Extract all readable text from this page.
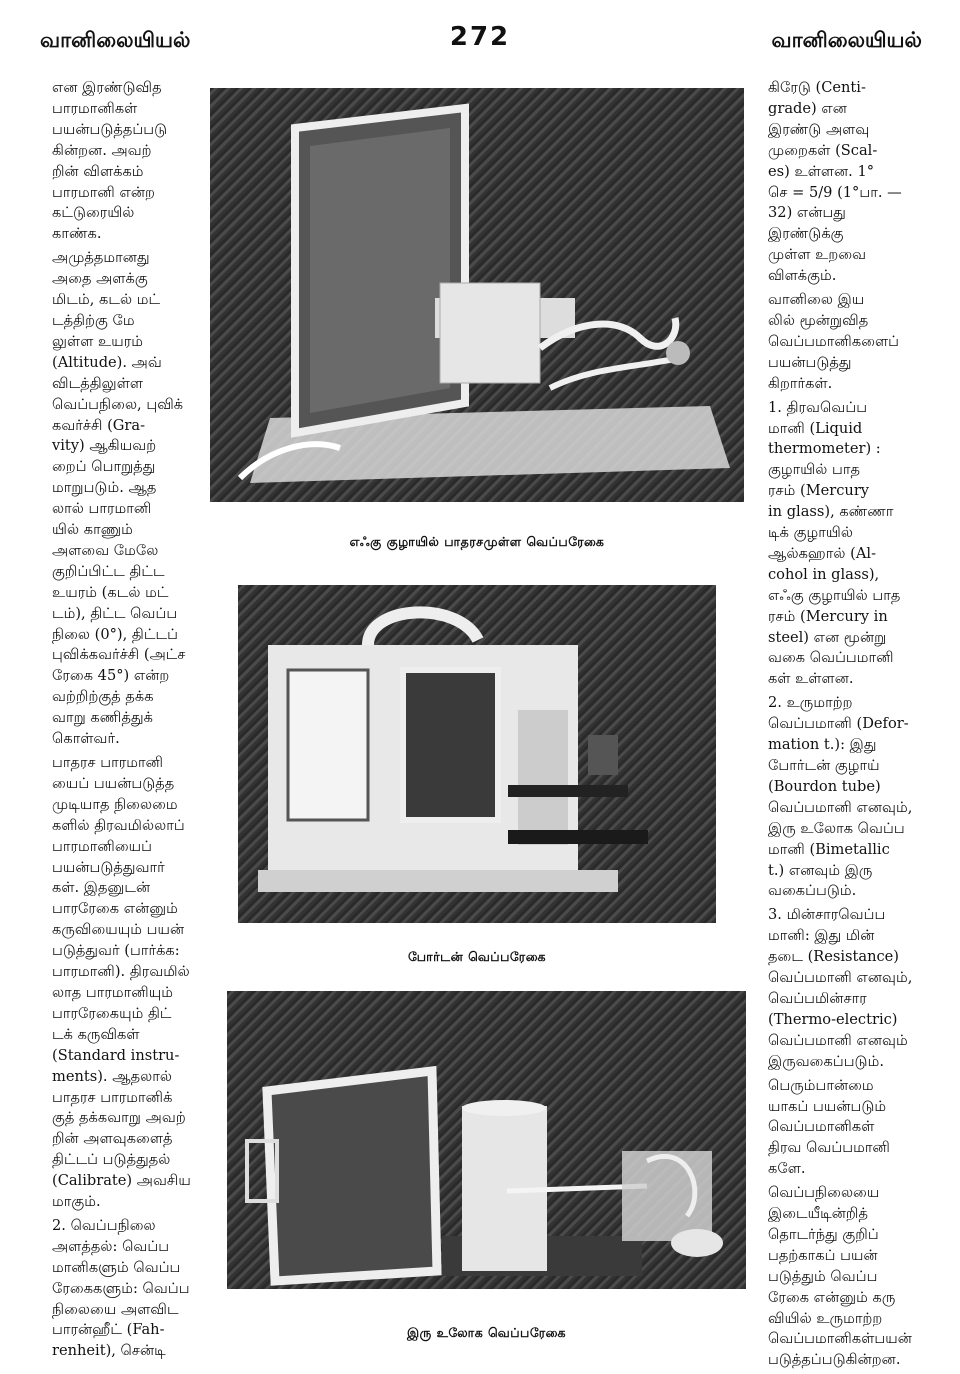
வானிலையியல்	272	வானிலையியல்

என இரண்டுவித
பாரமானிகள்
பயன்படுத்தப்படு
கின்றன. அவற்
றின் விளக்கம்
பாரமானி என்ற
கட்டுரையில்
காண்க.

அமுத்தமானது
அதை அளக்கு
மிடம், கடல் மட்
டத்திற்கு மே
லுள்ள உயரம்
(Altitude). அவ்
விடத்திலுள்ள
வெப்பநிலை, புவிக்
கவர்ச்சி (Gra-
vity) ஆகியவற்
றைப் பொறுத்து
மாறுபடும். ஆத
லால் பாரமானி
யில் காணும்
அளவை மேலே
குறிப்பிட்ட திட்ட
உயரம் (கடல் மட்
டம்), திட்ட வெப்ப
நிலை (0°), திட்டப்
புவிக்கவர்ச்சி (அட்ச
ரேகை 45°) என்ற
வற்றிற்குத் தக்க
வாறு கணித்துக்
கொள்வர்.

பாதரச பாரமானி
யைப் பயன்படுத்த
முடியாத நிலைமை
களில் திரவமில்லாப்
பாரமானியைப்
பயன்படுத்துவார்
கள். இதனுடன்
பாரரேகை என்னும்
கருவியையும் பயன்
படுத்துவர் (பார்க்க:
பாரமானி). திரவமில்
லாத பாரமானியும்
பாரரேகையும் திட்
டக் கருவிகள்
(Standard instru-
ments). ஆதலால்
பாதரச பாரமானிக்
குத் தக்கவாறு அவற்
றின் அளவுகளைத்
திட்டப் படுத்துதல்
(Calibrate) அவசிய
மாகும்.

2. வெப்பநிலை
அளத்தல்: வெப்ப
மானிகளும் வெப்ப
ரேகைகளும்: வெப்ப
நிலையை அளவிட
பாரன்ஹீட் (Fah-
renheit), சென்டி

கிரேடு (Centi-
grade) என
இரண்டு அளவு
முறைகள் (Scal-
es) உள்ளன. 1°
செ = 5/9 (1°பா. —
32) என்பது
இரண்டுக்கு
முள்ள உறவை
விளக்கும்.

வானிலை இய
லில் மூன்றுவித
வெப்பமானிகளைப்
பயன்படுத்து
கிறார்கள்.

1. திரவவெப்ப
மானி (Liquid
thermometer) :
குழாயில் பாத
ரசம் (Mercury
in glass), கண்ணா
டிக் குழாயில்
ஆல்கஹால் (Al-
cohol in glass),
எஃகு குழாயில் பாத
ரசம் (Mercury in
steel) என மூன்று
வகை வெப்பமானி
கள் உள்ளன.

2. உருமாற்ற
வெப்பமானி (Defor-
mation t.): இது
போர்டன் குழாய்
(Bourdon tube)
வெப்பமானி எனவும்,
இரு உலோக வெப்ப
மானி (Bimetallic
t.) எனவும் இரு
வகைப்படும்.

3. மின்சாரவெப்ப
மானி: இது மின்
தடை (Resistance)
வெப்பமானி எனவும்,
வெப்பமின்சார
(Thermo-electric)
வெப்பமானி எனவும்
இருவகைப்படும்.

பெரும்பான்மை
யாகப் பயன்படும்
வெப்பமானிகள்
திரவ வெப்பமானி
களே.

வெப்பநிலையை
இடையீடின்றித்
தொடர்ந்து குறிப்
பதற்காகப் பயன்
படுத்தும் வெப்ப
ரேகை என்னும் கரு
வியில் உருமாற்ற
வெப்பமானிகள்பயன்
படுத்தப்படுகின்றன.

எஃகு குழாயில் பாதரசமுள்ள வெப்பரேகை
போர்டன் வெப்பரேகை
இரு உலோக வெப்பரேகை
